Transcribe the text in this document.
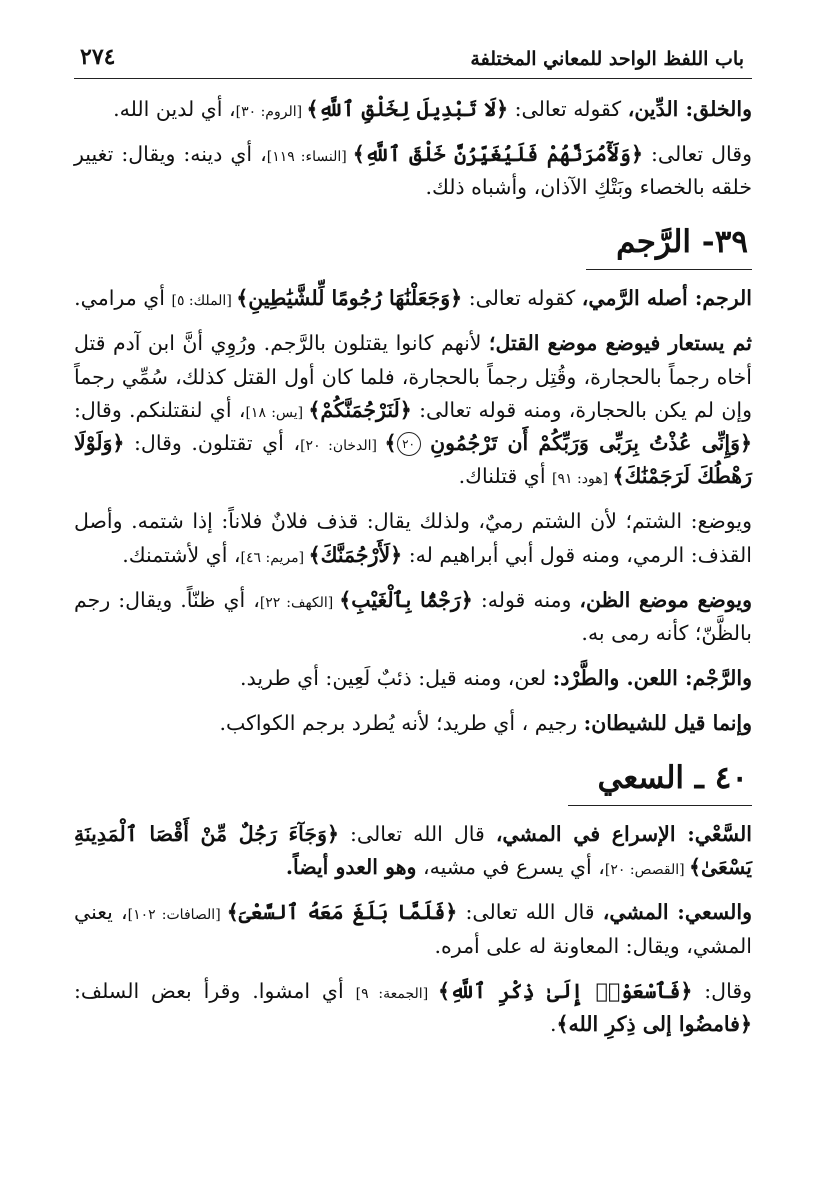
باب اللفظ الواحد للمعاني المختلفة
٢٧٤

والخلق: الدِّين، كقوله تعالى: ﴿لَا تَبْدِيلَ لِخَلْقِ ٱللَّهِ﴾ [الروم: ٣٠]، أي لدين الله.

وقال تعالى: ﴿وَلَأٓمُرَنَّهُمْ فَلَيُغَيِّرُنَّ خَلْقَ ٱللَّهِ﴾ [النساء: ١١٩]، أي دينه: ويقال: تغيير خلقه بالخصاء وبَتْكِ الآذان، وأشباه ذلك.

٣٩- الرَّجم

الرجم: أصله الرَّمي، كقوله تعالى: ﴿وَجَعَلْنَٰهَا رُجُومًا لِّلشَّيَٰطِينِ﴾ [الملك: ٥] أي مرامي.

ثم يستعار فيوضع موضع القتل؛ لأنهم كانوا يقتلون بالرَّجم. ورُوِي أنَّ ابن آدم قتل أخاه رجماً بالحجارة، وقُتِل رجماً بالحجارة، فلما كان أول القتل كذلك، سُمِّي رجماً وإن لم يكن بالحجارة، ومنه قوله تعالى: ﴿لَنَرْجُمَنَّكُمْ﴾ [يس: ١٨]، أي لنقتلنكم. وقال: ﴿وَإِنِّى عُذْتُ بِرَبِّى وَرَبِّكُمْ أَن تَرْجُمُونِ ٢٠﴾ [الدخان: ٢٠]، أي تقتلون. وقال: ﴿وَلَوْلَا رَهْطُكَ لَرَجَمْنَٰكَ﴾ [هود: ٩١] أي قتلناك.

ويوضع: الشتم؛ لأن الشتم رميٌ، ولذلك يقال: قذف فلانٌ فلاناً: إذا شتمه. وأصل القذف: الرمي، ومنه قول أبي أبراهيم له: ﴿لَأَرْجُمَنَّكَ﴾ [مريم: ٤٦]، أي لأشتمنك.

ويوضع موضع الظن، ومنه قوله: ﴿رَجْمًۢا بِٱلْغَيْبِ﴾ [الكهف: ٢٢]، أي ظنّاً. ويقال: رجم بالظَّنّ؛ كأنه رمى به.

والرَّجْم: اللعن. والطَّرْد: لعن، ومنه قيل: ذئبٌ لَعِين: أي طريد.

وإنما قيل للشيطان: رجيم ، أي طريد؛ لأنه يُطرد برجم الكواكب.

٤٠ ـ السعي

السَّعْي: الإسراع في المشي، قال الله تعالى: ﴿وَجَآءَ رَجُلٌ مِّنْ أَقْصَا ٱلْمَدِينَةِ يَسْعَىٰ﴾ [القصص: ٢٠]، أي يسرع في مشيه، وهو العدو أيضاً.

والسعي: المشي، قال الله تعالى: ﴿فَلَمَّا بَلَغَ مَعَهُ ٱلسَّعْىَ﴾ [الصافات: ١٠٢]، يعني المشي، ويقال: المعاونة له على أمره.

وقال: ﴿فَٱسْعَوْا۟ إِلَىٰ ذِكْرِ ٱللَّهِ﴾ [الجمعة: ٩] أي امشوا. وقرأ بعض السلف: ﴿فامضُوا إلى ذِكرِ الله﴾.
